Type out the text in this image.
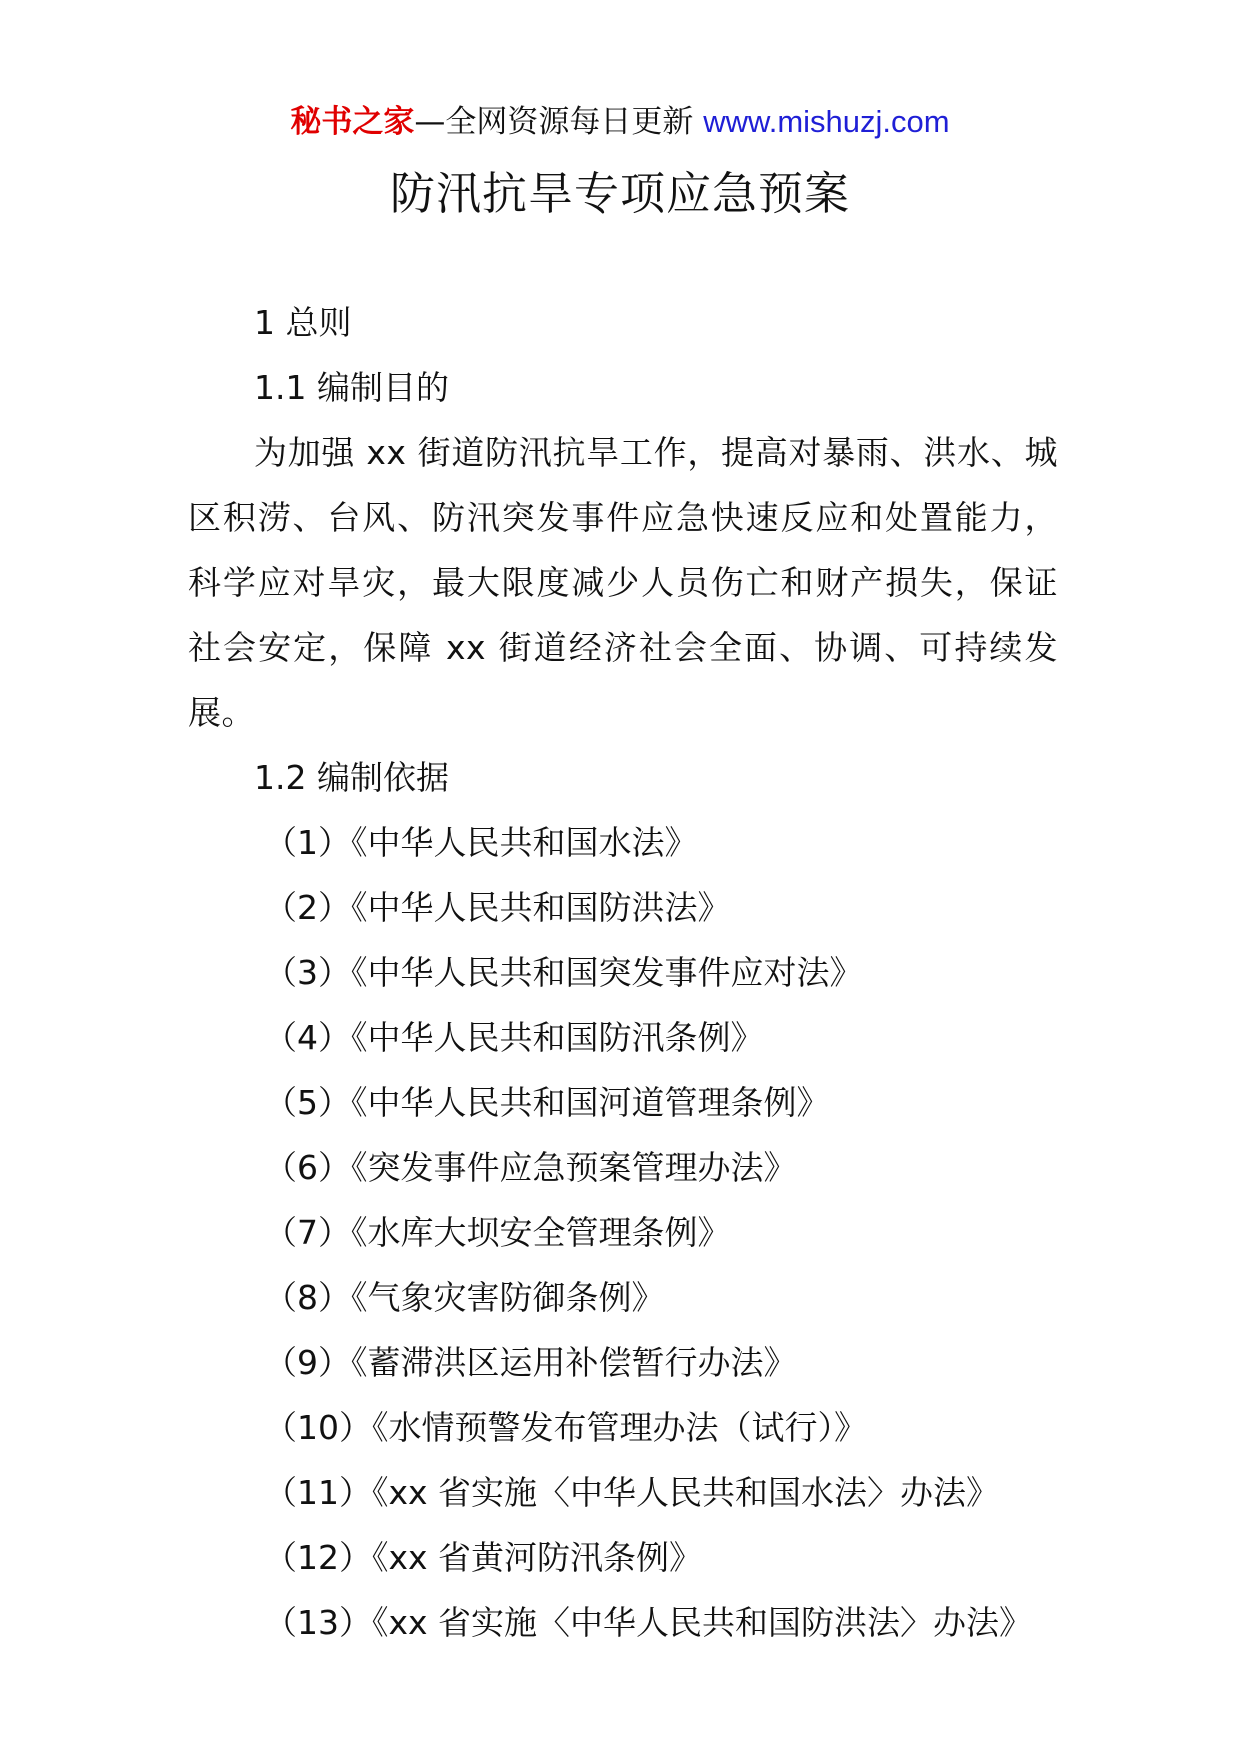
秘书之家—全网资源每日更新 www.mishuzj.com
防汛抗旱专项应急预案

1 总则

1.1 编制目的

为加强 xx 街道防汛抗旱工作，提高对暴雨、洪水、城区积涝、台风、防汛突发事件应急快速反应和处置能力，科学应对旱灾，最大限度减少人员伤亡和财产损失，保证社会安定，保障 xx 街道经济社会全面、协调、可持续发展。

1.2 编制依据

（1）《中华人民共和国水法》

（2）《中华人民共和国防洪法》

（3）《中华人民共和国突发事件应对法》

（4）《中华人民共和国防汛条例》

（5）《中华人民共和国河道管理条例》

（6）《突发事件应急预案管理办法》

（7）《水库大坝安全管理条例》

（8）《气象灾害防御条例》

（9）《蓄滞洪区运用补偿暂行办法》

（10）《水情预警发布管理办法（试行）》

（11）《xx 省实施〈中华人民共和国水法〉办法》

（12）《xx 省黄河防汛条例》

（13）《xx 省实施〈中华人民共和国防洪法〉办法》
